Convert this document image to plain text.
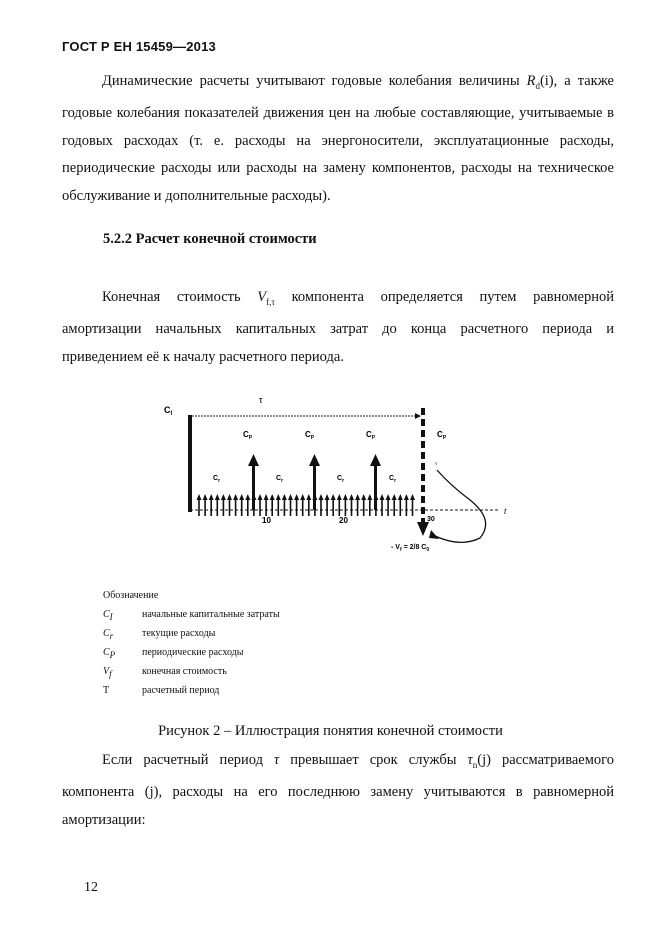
ГОСТ Р ЕН 15459—2013
Динамические расчеты учитывают годовые колебания величины $R_d(i)$, а также годовые колебания показателей движения цен на любые составляющие, учитываемые в годовых расходах (т. е. расходы на энергоносители, эксплуатационные расходы, периодические расходы или расходы на замену компонентов, расходы на техническое обслуживание и дополнительные расходы).
5.2.2 Расчет конечной стоимости
Конечная стоимость $V_{f,\tau}$ компонента определяется путем равномерной амортизации начальных капитальных затрат до конца расчетного периода и приведением её к началу расчетного периода.
$C_I$
τ
$C_P$	$C_P$	$C_P$	$C_P$
$C_r$	$C_r$	$C_r$	$C_r$
10	20	30
t
v
- $V_f = 2/8$ $C_0$
Обозначение
$C_I$	начальные капитальные затраты
$C_r$	текущие расходы
$C_P$	периодические расходы
$V_f$	конечная стоимость
T	расчетный период
Рисунок 2 – Иллюстрация понятия конечной стоимости
Если расчетный период τ превышает срок службы $\tau_n(j)$ рассматриваемого компонента (j), расходы на его последнюю замену учитываются в равномерной амортизации:
12
